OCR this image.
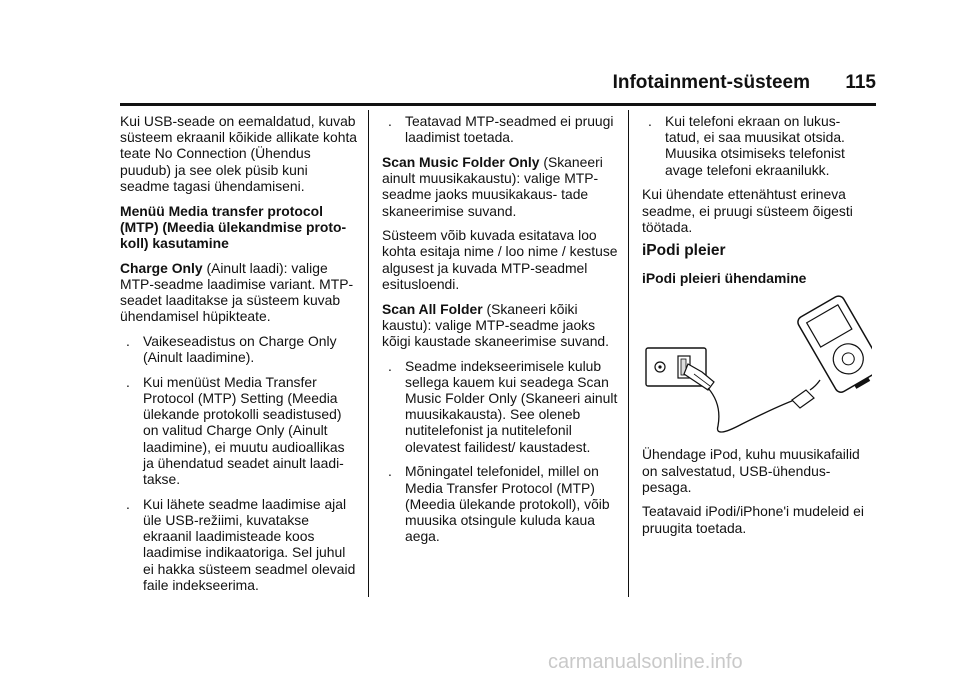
Infotainment-süsteem 115

Kui USB-seade on eemaldatud, kuvab süsteem ekraanil kõikide allikate kohta teate No Connection (Ühendus puudub) ja see olek püsib kuni seadme tagasi ühendamiseni.

Menüü Media transfer protocol (MTP) (Meedia ülekandmise proto- koll) kasutamine

Charge Only (Ainult laadi): valige MTP-seadme laadimise variant. MTP-seadet laaditakse ja süsteem kuvab ühendamisel hüpikteate.

. Vaikeseadistus on Charge Only (Ainult laadimine).
. Kui menüüst Media Transfer Protocol (MTP) Setting (Meedia ülekande protokolli seadistused) on valitud Charge Only (Ainult laadimine), ei muutu audioallikas ja ühendatud seadet ainult laadi- takse.
. Kui lähete seadme laadimise ajal üle USB-režiimi, kuvatakse ekraanil laadimisteade koos laadimise indikaatoriga. Sel juhul ei hakka süsteem seadmel olevaid faile indekseerima.
. Teatavad MTP-seadmed ei pruugi laadimist toetada.

Scan Music Folder Only (Skaneeri ainult muusikakaustu): valige MTP-seadme jaoks muusikakaus- tade skaneerimise suvand.

Süsteem võib kuvada esitatava loo kohta esitaja nime / loo nime / kestuse algusest ja kuvada MTP-seadmel esitusloendi.

Scan All Folder (Skaneeri kõiki kaustu): valige MTP-seadme jaoks kõigi kaustade skaneerimise suvand.

. Seadme indekseerimisele kulub sellega kauem kui seadega Scan Music Folder Only (Skaneeri ainult muusikakausta). See oleneb nutitelefonist ja nutitelefonil olevatest failidest/ kaustadest.
. Mõningatel telefonidel, millel on Media Transfer Protocol (MTP) (Meedia ülekande protokoll), võib muusika otsingule kuluda kaua aega.
. Kui telefoni ekraan on lukus- tatud, ei saa muusikat otsida. Muusika otsimiseks telefonist avage telefoni ekraanilukk.

Kui ühendate ettenähtust erineva seadme, ei pruugi süsteem õigesti töötada.

iPodi pleier

iPodi pleieri ühendamine

Ühendage iPod, kuhu muusikafailid on salvestatud, USB-ühendus- pesaga.

Teatavaid iPodi/iPhone'i mudeleid ei pruugita toetada.

carmanualsonline.info
